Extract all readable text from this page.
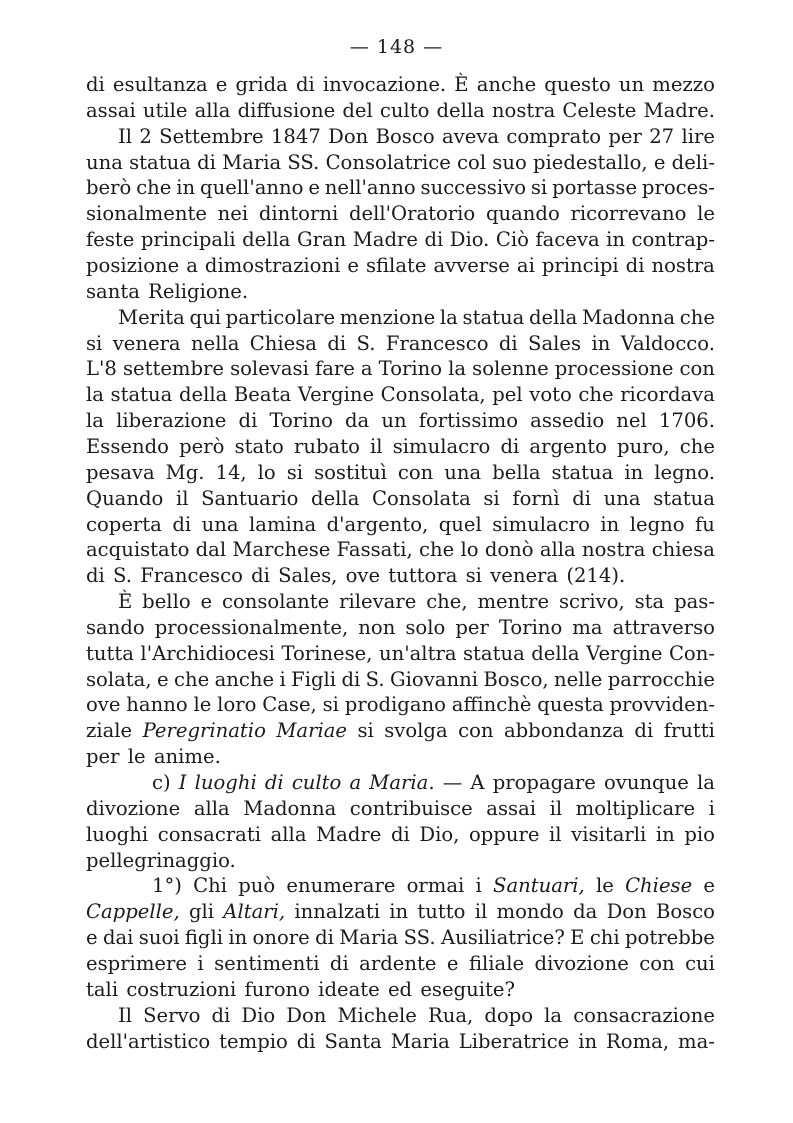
— 148 —
di esultanza e grida di invocazione. È anche questo un mezzo
assai utile alla diffusione del culto della nostra Celeste Madre.
Il 2 Settembre 1847 Don Bosco aveva comprato per 27 lire
una statua di Maria SS. Consolatrice col suo piedestallo, e deli-
berò che in quell'anno e nell'anno successivo si portasse proces-
sionalmente nei dintorni dell'Oratorio quando ricorrevano le
feste principali della Gran Madre di Dio. Ciò faceva in contrap-
posizione a dimostrazioni e sfilate avverse ai principi di nostra
santa Religione.
Merita qui particolare menzione la statua della Madonna che
si venera nella Chiesa di S. Francesco di Sales in Valdocco.
L'8 settembre solevasi fare a Torino la solenne processione con
la statua della Beata Vergine Consolata, pel voto che ricordava
la liberazione di Torino da un fortissimo assedio nel 1706.
Essendo però stato rubato il simulacro di argento puro, che
pesava Mg. 14, lo si sostituì con una bella statua in legno.
Quando il Santuario della Consolata si fornì di una statua
coperta di una lamina d'argento, quel simulacro in legno fu
acquistato dal Marchese Fassati, che lo donò alla nostra chiesa
di S. Francesco di Sales, ove tuttora si venera (214).
È bello e consolante rilevare che, mentre scrivo, sta pas-
sando processionalmente, non solo per Torino ma attraverso
tutta l'Archidiocesi Torinese, un'altra statua della Vergine Con-
solata, e che anche i Figli di S. Giovanni Bosco, nelle parrocchie
ove hanno le loro Case, si prodigano affinchè questa provviden-
ziale Peregrinatio Mariae si svolga con abbondanza di frutti
per le anime.
c) I luoghi di culto a Maria. — A propagare ovunque la
divozione alla Madonna contribuisce assai il moltiplicare i
luoghi consacrati alla Madre di Dio, oppure il visitarli in pio
pellegrinaggio.
1°) Chi può enumerare ormai i Santuari, le Chiese e
Cappelle, gli Altari, innalzati in tutto il mondo da Don Bosco
e dai suoi figli in onore di Maria SS. Ausiliatrice? E chi potrebbe
esprimere i sentimenti di ardente e filiale divozione con cui
tali costruzioni furono ideate ed eseguite?
Il Servo di Dio Don Michele Rua, dopo la consacrazione
dell'artistico tempio di Santa Maria Liberatrice in Roma, ma-
